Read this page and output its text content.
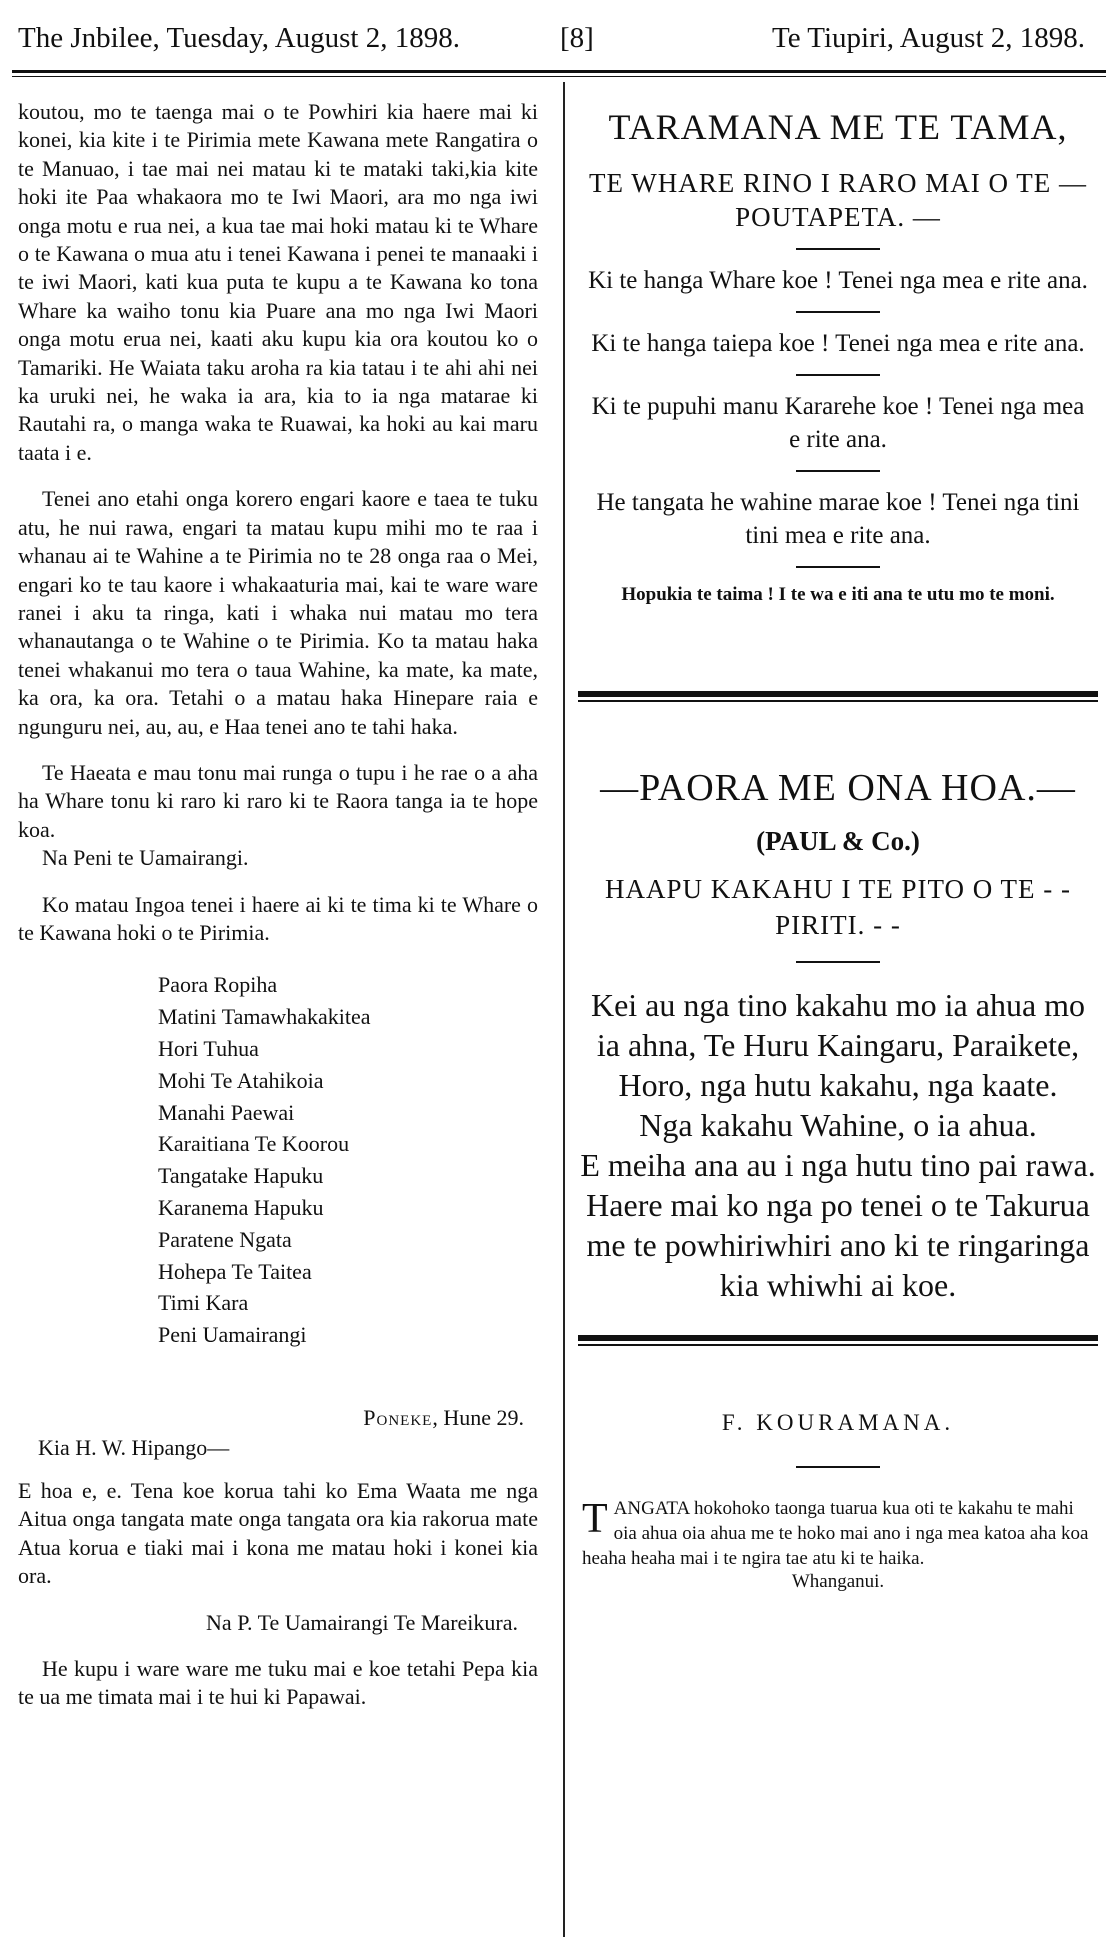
The Jnbilee, Tuesday, August 2, 1898.	[8]	Te Tiupiri, August 2, 1898.

koutou, mo te taenga mai o te Powhiri kia haere mai ki konei, kia kite i te Pirimia mete Kawana mete Rangatira o te Manuao, i tae mai nei matau ki te mataki taki,kia kite hoki ite Paa whakaora mo te Iwi Maori, ara mo nga iwi onga motu e rua nei, a kua tae mai hoki matau ki te Whare o te Kawana o mua atu i tenei Kawana i penei te manaaki i te iwi Maori, kati kua puta te kupu a te Kawana ko tona Whare ka waiho tonu kia Puare ana mo nga Iwi Maori onga motu erua nei, kaati aku kupu kia ora koutou ko o Tamariki. He Waiata taku aroha ra kia tatau i te ahi ahi nei ka uruki nei, he waka ia ara, kia to ia nga matarae ki Rautahi ra, o manga waka te Ruawai, ka hoki au kai maru taata i e.

Tenei ano etahi onga korero engari kaore e taea te tuku atu, he nui rawa, engari ta matau kupu mihi mo te raa i whanau ai te Wahine a te Pirimia no te 28 onga raa o Mei, engari ko te tau kaore i whakaaturia mai, kai te ware ware ranei i aku ta ringa, kati i whaka nui matau mo tera whanautanga o te Wahine o te Pirimia. Ko ta matau haka tenei whakanui mo tera o taua Wahine, ka mate, ka mate, ka ora, ka ora. Tetahi o a matau haka Hinepare raia e ngunguru nei, au, au, e Haa tenei ano te tahi haka.

Te Haeata e mau tonu mai runga o tupu i he rae o a aha ha Whare tonu ki raro ki raro ki te Raora tanga ia te hope koa.

Na Peni te Uamairangi.

Ko matau Ingoa tenei i haere ai ki te tima ki te Whare o te Kawana hoki o te Pirimia.

Paora Ropiha
Matini Tamawhakakitea
Hori Tuhua
Mohi Te Atahikoia
Manahi Paewai
Karaitiana Te Koorou
Tangatake Hapuku
Karanema Hapuku
Paratene Ngata
Hohepa Te Taitea
Timi Kara
Peni Uamairangi
Poneke, Hune 29.
Kia H. W. Hipango—

E hoa e, e. Tena koe korua tahi ko Ema Waata me nga Aitua onga tangata mate onga tangata ora kia rakorua mate Atua korua e tiaki mai i kona me matau hoki i konei kia ora.

Na P. Te Uamairangi Te Mareikura.

He kupu i ware ware me tuku mai e koe tetahi Pepa kia te ua me timata mai i te hui ki Papawai.

TARAMANA ME TE TAMA,

TE WHARE RINO I RARO MAI O TE — POUTAPETA. —

Ki te hanga Whare koe ! Tenei nga mea e rite ana.

Ki te hanga taiepa koe ! Tenei nga mea e rite ana.

Ki te pupuhi manu Kararehe koe ! Tenei nga mea e rite ana.

He tangata he wahine marae koe ! Tenei nga tini tini mea e rite ana.

Hopukia te taima ! I te wa e iti ana te utu mo te moni.

—PAORA ME ONA HOA.—
(PAUL & Co.)

HAAPU KAKAHU I TE PITO O TE - - PIRITI. - -

Kei au nga tino kakahu mo ia ahua mo ia ahna, Te Huru Kaingaru, Paraikete, Horo, nga hutu kakahu, nga kaate.

Nga kakahu Wahine, o ia ahua.

E meiha ana au i nga hutu tino pai rawa.

Haere mai ko nga po tenei o te Takurua me te powhiriwhiri ano ki te ringaringa kia whiwhi ai koe.

F. KOURAMANA.

TANGATA hokohoko taonga tuarua kua oti te kakahu te mahi oia ahua oia ahua me te hoko mai ano i nga mea katoa aha koa heaha heaha mai i te ngira tae atu ki te haika.

Whanganui.
